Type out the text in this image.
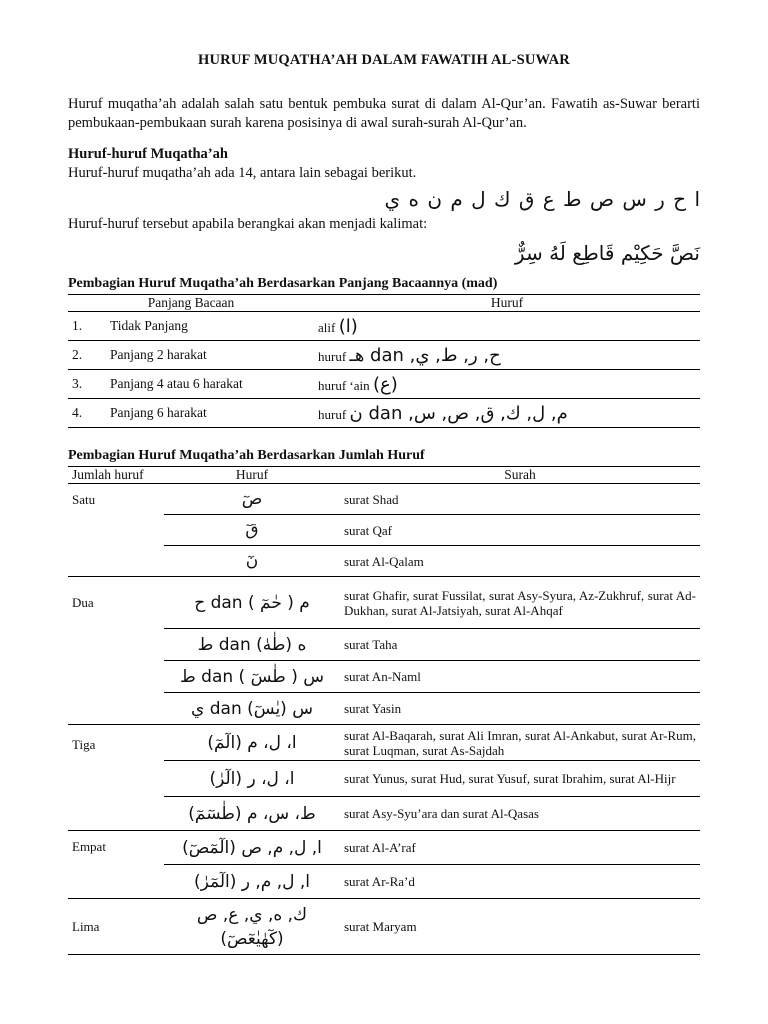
HURUF MUQATHA’AH DALAM FAWATIH AL-SUWAR

Huruf muqatha’ah adalah salah satu bentuk pembuka surat di dalam Al-Qur’an. Fawatih as-Suwar berarti pembukaan-pembukaan surah karena posisinya di awal surah-surah Al-Qur’an.

Huruf-huruf Muqatha’ah

Huruf-huruf muqatha’ah ada 14, antara lain sebagai berikut.

ا ح ر س ص ط ع ق ك ل م ن ه ي

Huruf-huruf tersebut apabila berangkai akan menjadi kalimat:

نَصَّ حَكِيْم قَاطِع لَهُ سِرٌّ
Pembagian Huruf Muqatha’ah Berdasarkan Panjang Bacaannya (mad)
Panjang Bacaan		Huruf
1.	Tidak Panjang	alif (ا)
2.	Panjang 2 harakat	huruf ح, ر, ط, ي, dan هـ
3.	Panjang 4 atau 6 harakat	huruf ‘ain (ع)
4.	Panjang 6 harakat	huruf م, ل, ك, ق, ص, س, dan ن
Pembagian Huruf Muqatha’ah Berdasarkan Jumlah Huruf
Jumlah huruf	Huruf	Surah
Satu	صٓ	surat Shad
	قٓ	surat Qaf
	نٓ	surat Al-Qalam
Dua	ح dan م ( حٰمٓ )	surat Ghafir, surat Fussilat, surat Asy-Syura, Az-Zukhruf, surat Ad-Dukhan, surat Al-Jatsiyah, surat Al-Ahqaf
	ط dan ه (طٰهٰ)	surat Taha
	ط dan س ( طٰسٓ )	surat An-Naml
	ي dan س (يٰسٓ)	surat Yasin
Tiga	(الٓمٓ) ا، ل، م	surat Al-Baqarah, surat Ali Imran, surat Al-Ankabut, surat Ar-Rum, surat Luqman, surat As-Sajdah
	(الٓرٰ) ا، ل، ر	surat Yunus, surat Hud, surat Yusuf, surat Ibrahim, surat Al-Hijr
	(طٰسٓمٓ) ط، س، م	surat Asy-Syu’ara dan surat Al-Qasas
Empat	(الٓمٓصٓ) ا, ل, م, ص	surat Al-A’raf
	(الٓمٓرٰ) ا, ل, م, ر	surat Ar-Ra’d
Lima	ك, ه, ي, ع, ص (كٓهٰيٰعٓصٓ)	surat Maryam
